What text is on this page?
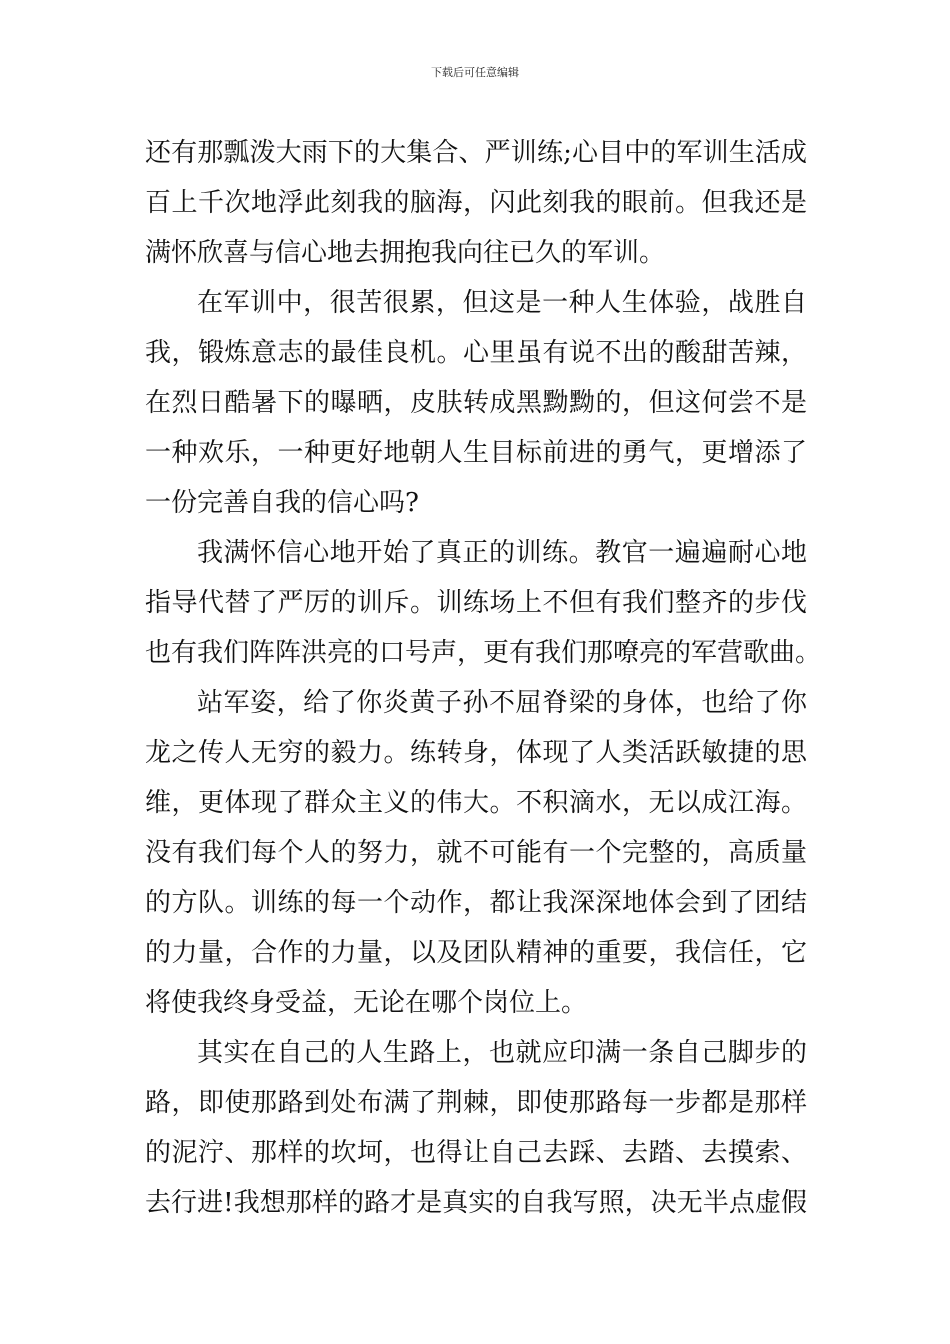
下载后可任意编辑
还有那瓢泼大雨下的大集合、严训练;心目中的军训生活成
百上千次地浮此刻我的脑海，闪此刻我的眼前。但我还是
满怀欣喜与信心地去拥抱我向往已久的军训。
在军训中，很苦很累，但这是一种人生体验，战胜自
我，锻炼意志的最佳良机。心里虽有说不出的酸甜苦辣，
在烈日酷暑下的曝晒，皮肤转成黑黝黝的，但这何尝不是
一种欢乐，一种更好地朝人生目标前进的勇气，更增添了
一份完善自我的信心吗?
我满怀信心地开始了真正的训练。教官一遍遍耐心地
指导代替了严厉的训斥。训练场上不但有我们整齐的步伐
也有我们阵阵洪亮的口号声，更有我们那嘹亮的军营歌曲。
站军姿，给了你炎黄子孙不屈脊梁的身体，也给了你
龙之传人无穷的毅力。练转身，体现了人类活跃敏捷的思
维，更体现了群众主义的伟大。不积滴水，无以成江海。
没有我们每个人的努力，就不可能有一个完整的，高质量
的方队。训练的每一个动作，都让我深深地体会到了团结
的力量，合作的力量，以及团队精神的重要，我信任，它
将使我终身受益，无论在哪个岗位上。
其实在自己的人生路上，也就应印满一条自己脚步的
路，即使那路到处布满了荆棘，即使那路每一步都是那样
的泥泞、那样的坎坷，也得让自己去踩、去踏、去摸索、
去行进!我想那样的路才是真实的自我写照，决无半点虚假
